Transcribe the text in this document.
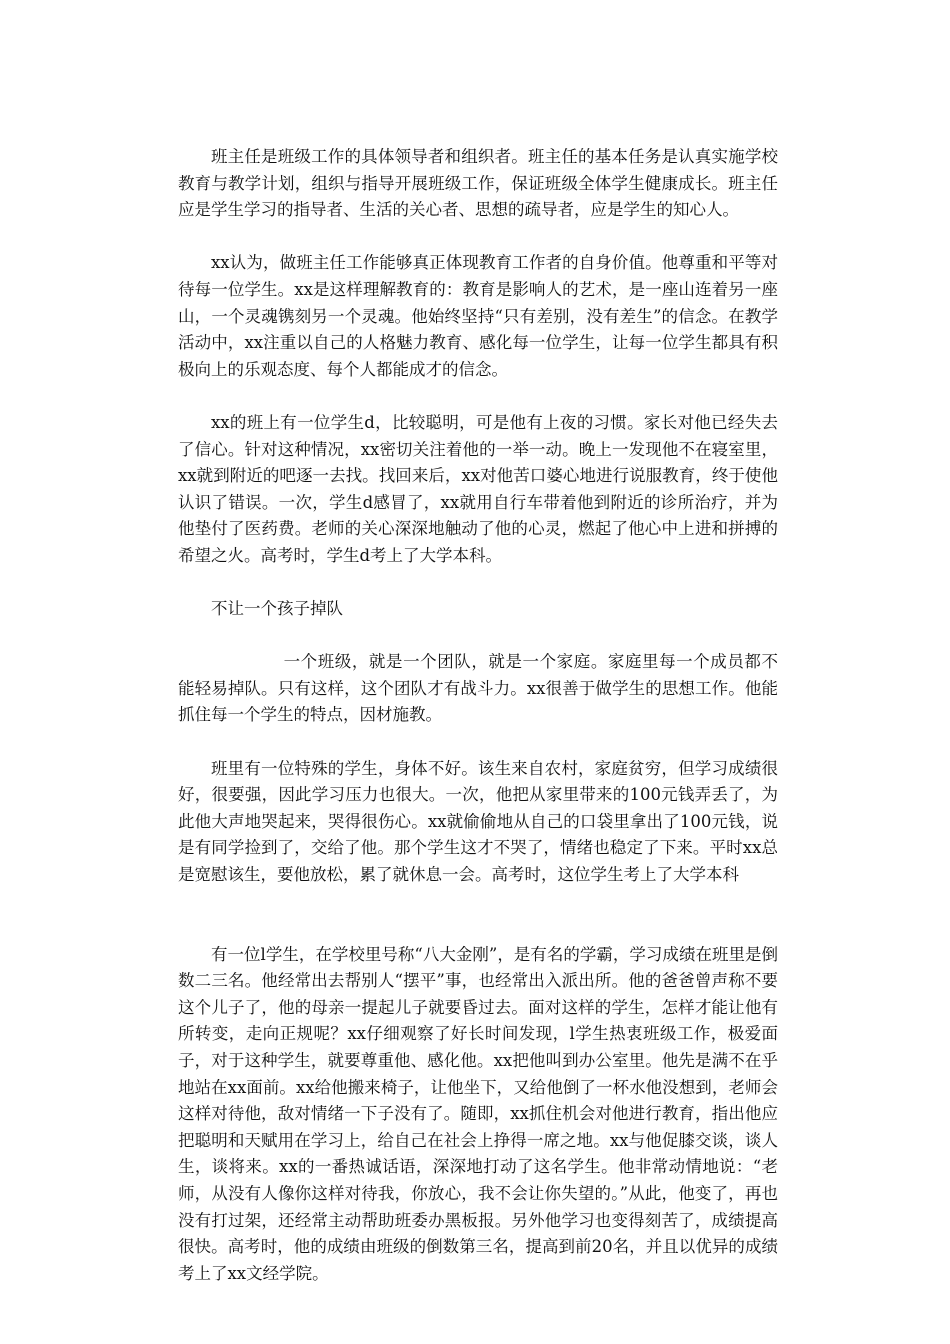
班主任是班级工作的具体领导者和组织者。班主任的基本任务是认真实施学校教育与教学计划，组织与指导开展班级工作，保证班级全体学生健康成长。班主任应是学生学习的指导者、生活的关心者、思想的疏导者，应是学生的知心人。

xx认为，做班主任工作能够真正体现教育工作者的自身价值。他尊重和平等对待每一位学生。xx是这样理解教育的：教育是影响人的艺术，是一座山连着另一座山，一个灵魂镌刻另一个灵魂。他始终坚持“只有差别，没有差生”的信念。在教学活动中，xx注重以自己的人格魅力教育、感化每一位学生，让每一位学生都具有积极向上的乐观态度、每个人都能成才的信念。

xx的班上有一位学生d，比较聪明，可是他有上夜的习惯。家长对他已经失去了信心。针对这种情况，xx密切关注着他的一举一动。晚上一发现他不在寝室里，xx就到附近的吧逐一去找。找回来后，xx对他苦口婆心地进行说服教育，终于使他认识了错误。一次，学生d感冒了，xx就用自行车带着他到附近的诊所治疗，并为他垫付了医药费。老师的关心深深地触动了他的心灵，燃起了他心中上进和拼搏的希望之火。高考时，学生d考上了大学本科。

不让一个孩子掉队

一个班级，就是一个团队，就是一个家庭。家庭里每一个成员都不能轻易掉队。只有这样，这个团队才有战斗力。xx很善于做学生的思想工作。他能抓住每一个学生的特点，因材施教。

班里有一位特殊的学生，身体不好。该生来自农村，家庭贫穷，但学习成绩很好，很要强，因此学习压力也很大。一次，他把从家里带来的100元钱弄丢了，为此他大声地哭起来，哭得很伤心。xx就偷偷地从自己的口袋里拿出了100元钱，说是有同学捡到了，交给了他。那个学生这才不哭了，情绪也稳定了下来。平时xx总是宽慰该生，要他放松，累了就休息一会。高考时，这位学生考上了大学本科

有一位l学生，在学校里号称“八大金刚”，是有名的学霸，学习成绩在班里是倒数二三名。他经常出去帮别人“摆平”事，也经常出入派出所。他的爸爸曾声称不要这个儿子了，他的母亲一提起儿子就要昏过去。面对这样的学生，怎样才能让他有所转变，走向正规呢？xx仔细观察了好长时间发现，l学生热衷班级工作，极爱面子，对于这种学生，就要尊重他、感化他。xx把他叫到办公室里。他先是满不在乎地站在xx面前。xx给他搬来椅子，让他坐下，又给他倒了一杯水他没想到，老师会这样对待他，敌对情绪一下子没有了。随即，xx抓住机会对他进行教育，指出他应把聪明和天赋用在学习上，给自己在社会上挣得一席之地。xx与他促膝交谈，谈人生，谈将来。xx的一番热诚话语，深深地打动了这名学生。他非常动情地说：“老师，从没有人像你这样对待我，你放心，我不会让你失望的。”从此，他变了，再也没有打过架，还经常主动帮助班委办黑板报。另外他学习也变得刻苦了，成绩提高很快。高考时，他的成绩由班级的倒数第三名，提高到前20名，并且以优异的成绩考上了xx文经学院。
